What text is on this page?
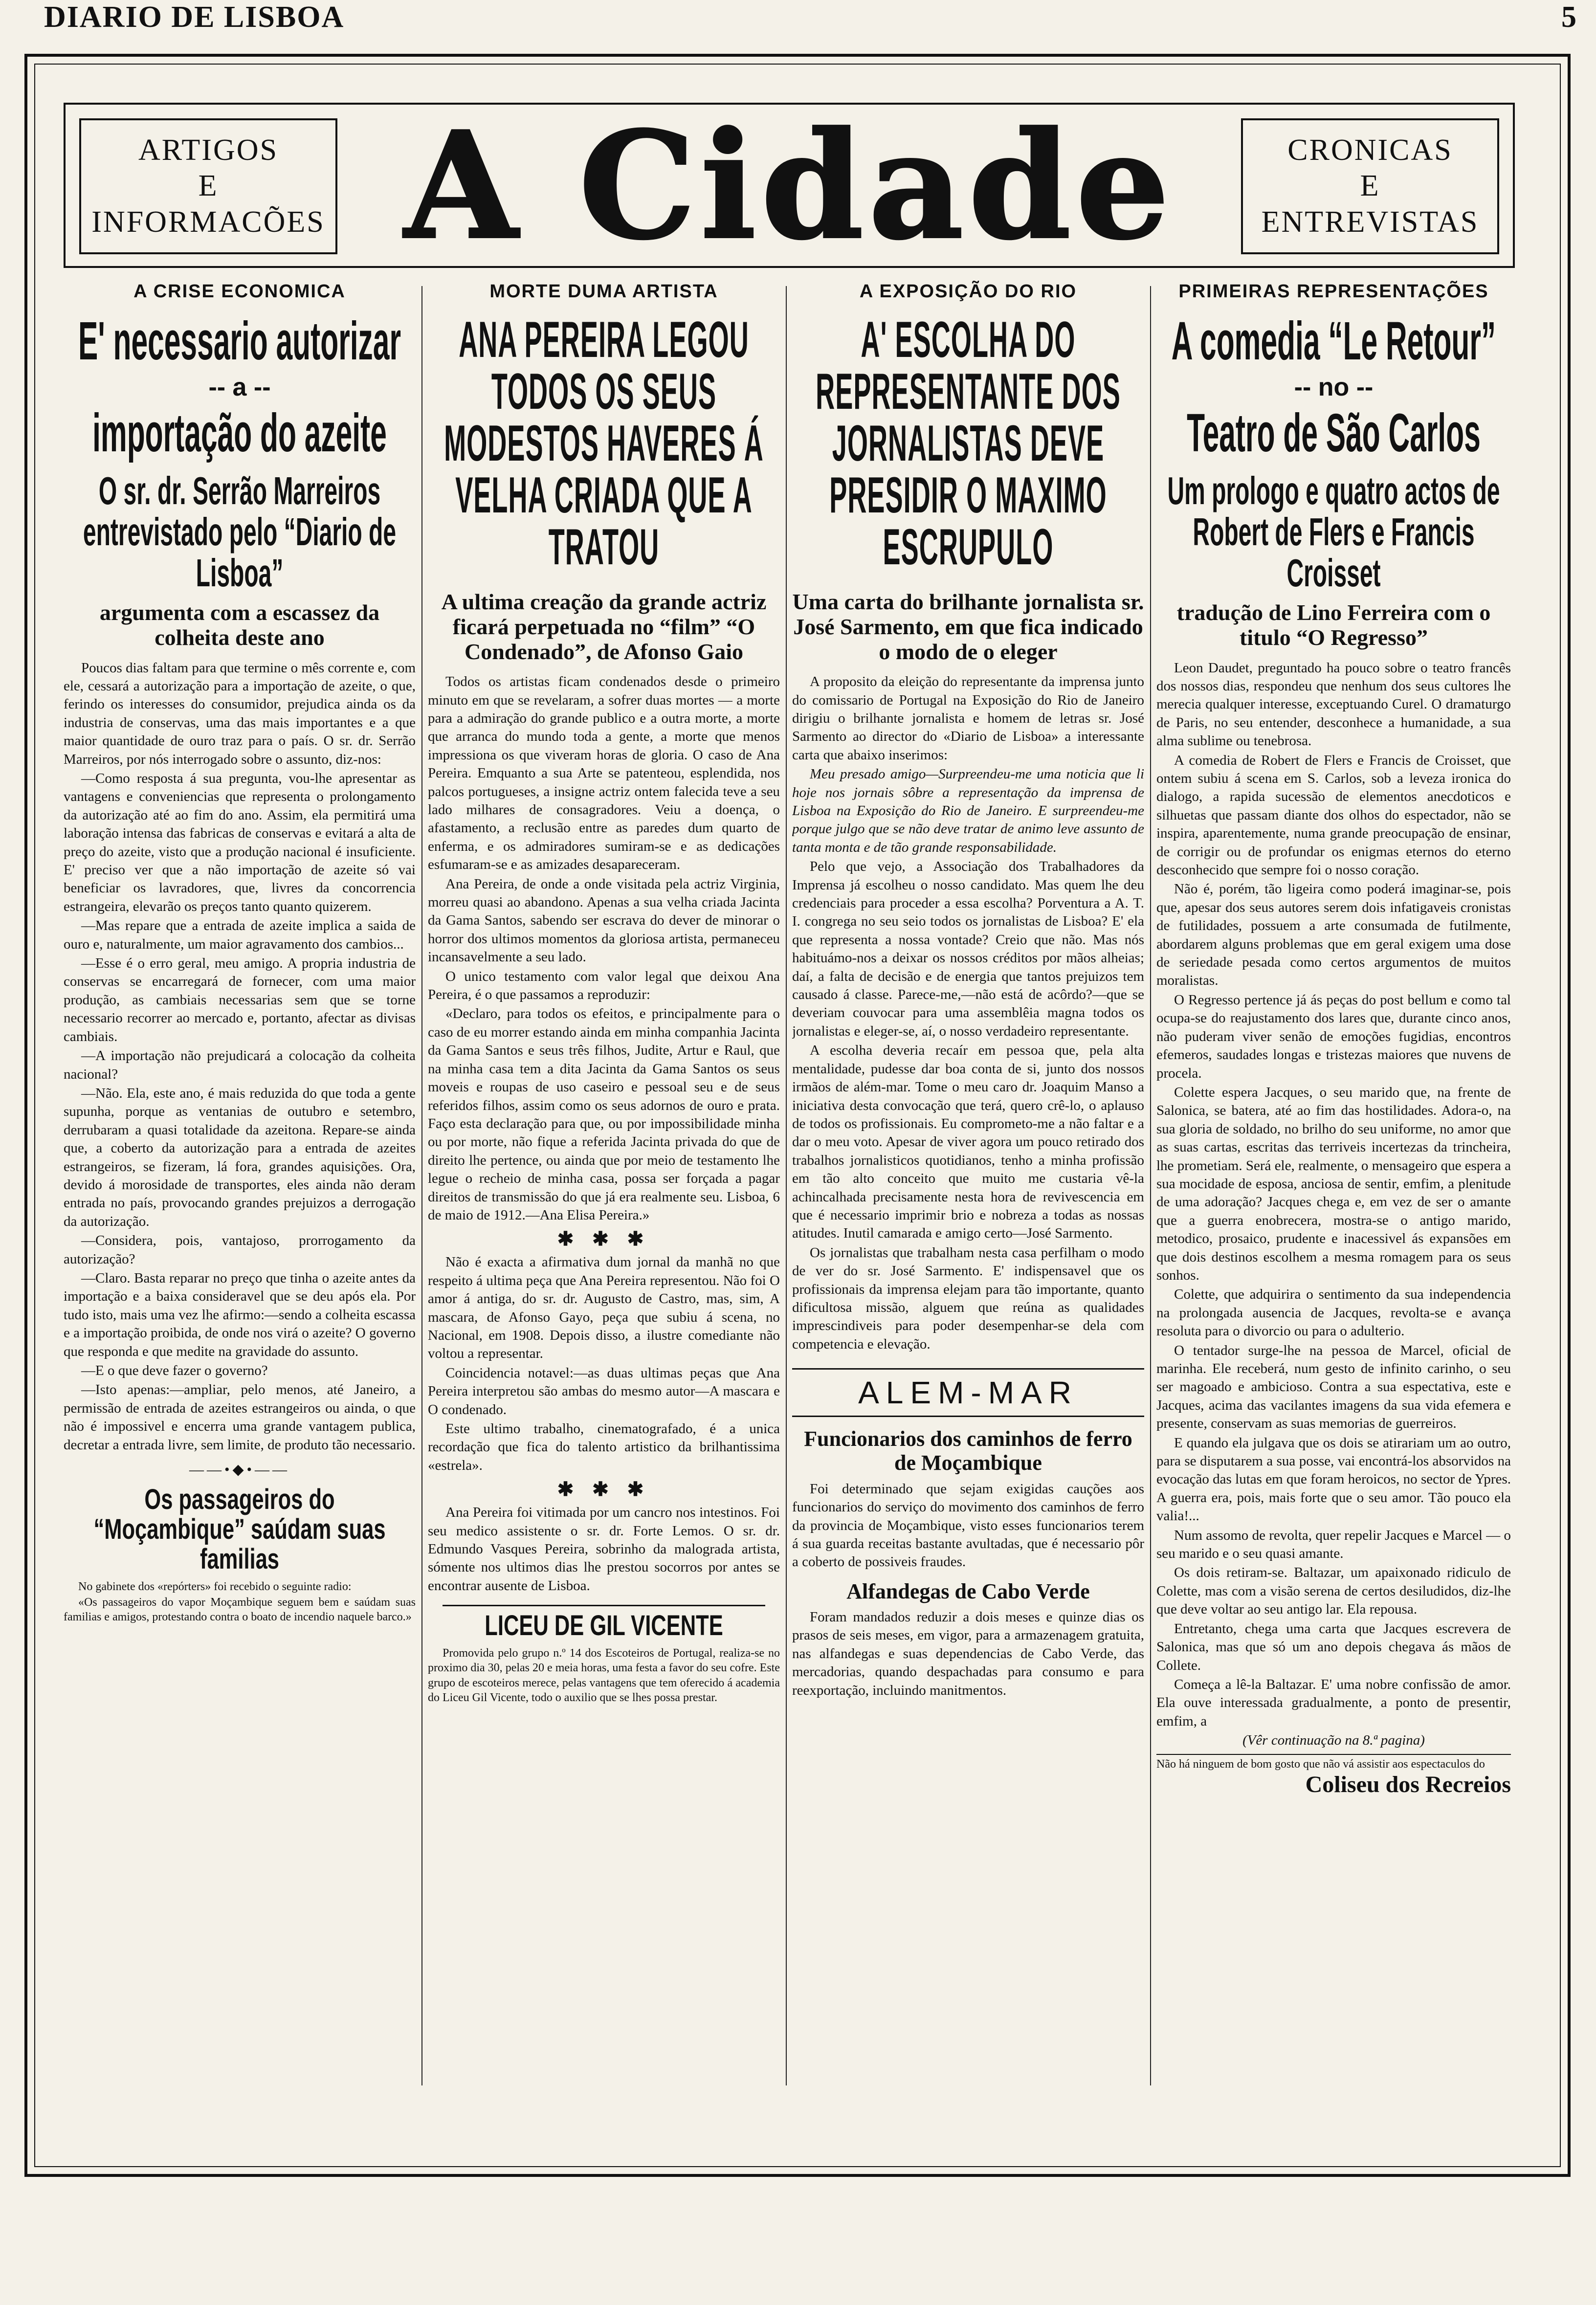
DIARIO DE LISBOA	5
ARTIGOS
E
INFORMACÕES A Cidade	CRONICAS
E
ENTREVISTAS
A CRISE ECONOMICA
E' necessario autorizar
-- a --
importação do azeite
O sr. dr. Serrão Marreiros entrevistado pelo “Diario de Lisboa”
argumenta com a escassez da colheita deste ano

Poucos dias faltam para que termine o mês corrente e, com ele, cessará a autorização para a importação de azeite, o que, ferindo os interesses do consumidor, prejudica ainda os da industria de conservas, uma das mais importantes e a que maior quantidade de ouro traz para o país. O sr. dr. Serrão Marreiros, por nós interrogado sobre o assunto, diz-nos:

—Como resposta á sua pregunta, vou-lhe apresentar as vantagens e conveniencias que representa o prolongamento da autorização até ao fim do ano. Assim, ela permitirá uma laboração intensa das fabricas de conservas e evitará a alta de preço do azeite, visto que a produção nacional é insuficiente. E' preciso ver que a não importação de azeite só vai beneficiar os lavradores, que, livres da concorrencia estrangeira, elevarão os preços tanto quanto quizerem.

—Mas repare que a entrada de azeite implica a saida de ouro e, naturalmente, um maior agravamento dos cambios...

—Esse é o erro geral, meu amigo. A propria industria de conservas se encarregará de fornecer, com uma maior produção, as cambiais necessarias sem que se torne necessario recorrer ao mercado e, portanto, afectar as divisas cambiais.

—A importação não prejudicará a colocação da colheita nacional?

—Não. Ela, este ano, é mais reduzida do que toda a gente supunha, porque as ventanias de outubro e setembro, derrubaram a quasi totalidade da azeitona. Repare-se ainda que, a coberto da autorização para a entrada de azeites estrangeiros, se fizeram, lá fora, grandes aquisições. Ora, devido á morosidade de transportes, eles ainda não deram entrada no país, provocando grandes prejuizos a derrogação da autorização.

—Considera, pois, vantajoso, prorrogamento da autorização?

—Claro. Basta reparar no preço que tinha o azeite antes da importação e a baixa consideravel que se deu após ela. Por tudo isto, mais uma vez lhe afirmo:—sendo a colheita escassa e a importação proibida, de onde nos virá o azeite? O governo que responda e que medite na gravidade do assunto.

—E o que deve fazer o governo?

—Isto apenas:—ampliar, pelo menos, até Janeiro, a permissão de entrada de azeites estrangeiros ou ainda, o que não é impossivel e encerra uma grande vantagem publica, decretar a entrada livre, sem limite, de produto tão necessario.

——•◆•——
Os passageiros do “Moçambique” saúdam suas familias

No gabinete dos «repórters» foi recebido o seguinte radio:

«Os passageiros do vapor Moçambique seguem bem e saúdam suas familias e amigos, protestando contra o boato de incendio naquele barco.»

MORTE DUMA ARTISTA
ANA PEREIRA LEGOU TODOS OS SEUS MODESTOS HAVERES Á VELHA CRIADA QUE A TRATOU
A ultima creação da grande actriz ficará perpetuada no “film” “O Condenado”, de Afonso Gaio

Todos os artistas ficam condenados desde o primeiro minuto em que se revelaram, a sofrer duas mortes — a morte para a admiração do grande publico e a outra morte, a morte que arranca do mundo toda a gente, a morte que menos impressiona os que viveram horas de gloria. O caso de Ana Pereira. Emquanto a sua Arte se patenteou, esplendida, nos palcos portugueses, a insigne actriz ontem falecida teve a seu lado milhares de consagradores. Veiu a doença, o afastamento, a reclusão entre as paredes dum quarto de enferma, e os admiradores sumiram-se e as dedicações esfumaram-se e as amizades desapareceram.

Ana Pereira, de onde a onde visitada pela actriz Virginia, morreu quasi ao abandono. Apenas a sua velha criada Jacinta da Gama Santos, sabendo ser escrava do dever de minorar o horror dos ultimos momentos da gloriosa artista, permaneceu incansavelmente a seu lado.

O unico testamento com valor legal que deixou Ana Pereira, é o que passamos a reproduzir:

«Declaro, para todos os efeitos, e principalmente para o caso de eu morrer estando ainda em minha companhia Jacinta da Gama Santos e seus três filhos, Judite, Artur e Raul, que na minha casa tem a dita Jacinta da Gama Santos os seus moveis e roupas de uso caseiro e pessoal seu e de seus referidos filhos, assim como os seus adornos de ouro e prata. Faço esta declaração para que, ou por impossibilidade minha ou por morte, não fique a referida Jacinta privada do que de direito lhe pertence, ou ainda que por meio de testamento lhe legue o recheio de minha casa, possa ser forçada a pagar direitos de transmissão do que já era realmente seu. Lisboa, 6 de maio de 1912.—Ana Elisa Pereira.»

✱ ✱ ✱

Não é exacta a afirmativa dum jornal da manhã no que respeito á ultima peça que Ana Pereira representou. Não foi O amor á antiga, do sr. dr. Augusto de Castro, mas, sim, A mascara, de Afonso Gayo, peça que subiu á scena, no Nacional, em 1908. Depois disso, a ilustre comediante não voltou a representar.

Coincidencia notavel:—as duas ultimas peças que Ana Pereira interpretou são ambas do mesmo autor—A mascara e O condenado.

Este ultimo trabalho, cinematografado, é a unica recordação que fica do talento artistico da brilhantissima «estrela».

✱ ✱ ✱

Ana Pereira foi vitimada por um cancro nos intestinos. Foi seu medico assistente o sr. dr. Forte Lemos. O sr. dr. Edmundo Vasques Pereira, sobrinho da malograda artista, sómente nos ultimos dias lhe prestou socorros por antes se encontrar ausente de Lisboa.

LICEU DE GIL VICENTE

Promovida pelo grupo n.º 14 dos Escoteiros de Portugal, realiza-se no proximo dia 30, pelas 20 e meia horas, uma festa a favor do seu cofre. Este grupo de escoteiros merece, pelas vantagens que tem oferecido á academia do Liceu Gil Vicente, todo o auxilio que se lhes possa prestar.

A EXPOSIÇÃO DO RIO
A' ESCOLHA DO REPRESENTANTE DOS JORNALISTAS DEVE PRESIDIR O MAXIMO ESCRUPULO
Uma carta do brilhante jornalista sr. José Sarmento, em que fica indicado o modo de o eleger

A proposito da eleição do representante da imprensa junto do comissario de Portugal na Exposição do Rio de Janeiro dirigiu o brilhante jornalista e homem de letras sr. José Sarmento ao director do «Diario de Lisboa» a interessante carta que abaixo inserimos:

Meu presado amigo—Surpreendeu-me uma noticia que li hoje nos jornais sôbre a representação da imprensa de Lisboa na Exposição do Rio de Janeiro. E surpreendeu-me porque julgo que se não deve tratar de animo leve assunto de tanta monta e de tão grande responsabilidade.

Pelo que vejo, a Associação dos Trabalhadores da Imprensa já escolheu o nosso candidato. Mas quem lhe deu credenciais para proceder a essa escolha? Porventura a A. T. I. congrega no seu seio todos os jornalistas de Lisboa? E' ela que representa a nossa vontade? Creio que não. Mas nós habituámo-nos a deixar os nossos créditos por mãos alheias; daí, a falta de decisão e de energia que tantos prejuizos tem causado á classe. Parece-me,—não está de acôrdo?—que se deveriam couvocar para uma assemblêia magna todos os jornalistas e eleger-se, aí, o nosso verdadeiro representante.

A escolha deveria recaír em pessoa que, pela alta mentalidade, pudesse dar boa conta de si, junto dos nossos irmãos de além-mar. Tome o meu caro dr. Joaquim Manso a iniciativa desta convocação que terá, quero crê-lo, o aplauso de todos os profissionais. Eu comprometo-me a não faltar e a dar o meu voto. Apesar de viver agora um pouco retirado dos trabalhos jornalisticos quotidianos, tenho a minha profissão em tão alto conceito que muito me custaria vê-la achincalhada precisamente nesta hora de revivescencia em que é necessario imprimir brio e nobreza a todas as nossas atitudes. Inutil camarada e amigo certo—José Sarmento.

Os jornalistas que trabalham nesta casa perfilham o modo de ver do sr. José Sarmento. E' indispensavel que os profissionais da imprensa elejam para tão importante, quanto dificultosa missão, alguem que reúna as qualidades imprescindiveis para poder desempenhar-se dela com competencia e elevação.

ALEM-MAR
Funcionarios dos caminhos de ferro de Moçambique

Foi determinado que sejam exigidas cauções aos funcionarios do serviço do movimento dos caminhos de ferro da provincia de Moçambique, visto esses funcionarios terem á sua guarda receitas bastante avultadas, que é necessario pôr a coberto de possiveis fraudes.

Alfandegas de Cabo Verde

Foram mandados reduzir a dois meses e quinze dias os prasos de seis meses, em vigor, para a armazenagem gratuita, nas alfandegas e suas dependencias de Cabo Verde, das mercadorias, quando despachadas para consumo e para reexportação, incluindo manitmentos.

PRIMEIRAS REPRESENTAÇÕES
A comedia “Le Retour”
-- no --
Teatro de São Carlos
Um prologo e quatro actos de Robert de Flers e Francis Croisset
tradução de Lino Ferreira com o titulo “O Regresso”

Leon Daudet, preguntado ha pouco sobre o teatro francês dos nossos dias, respondeu que nenhum dos seus cultores lhe merecia qualquer interesse, exceptuando Curel. O dramaturgo de Paris, no seu entender, desconhece a humanidade, a sua alma sublime ou tenebrosa.

A comedia de Robert de Flers e Francis de Croisset, que ontem subiu á scena em S. Carlos, sob a leveza ironica do dialogo, a rapida sucessão de elementos anecdoticos e silhuetas que passam diante dos olhos do espectador, não se inspira, aparentemente, numa grande preocupação de ensinar, de corrigir ou de profundar os enigmas eternos do eterno desconhecido que sempre foi o nosso coração.

Não é, porém, tão ligeira como poderá imaginar-se, pois que, apesar dos seus autores serem dois infatigaveis cronistas de futilidades, possuem a arte consumada de futilmente, abordarem alguns problemas que em geral exigem uma dose de seriedade pesada como certos argumentos de muitos moralistas.

O Regresso pertence já ás peças do post bellum e como tal ocupa-se do reajustamento dos lares que, durante cinco anos, não puderam viver senão de emoções fugidias, encontros efemeros, saudades longas e tristezas maiores que nuvens de procela.

Colette espera Jacques, o seu marido que, na frente de Salonica, se batera, até ao fim das hostilidades. Adora-o, na sua gloria de soldado, no brilho do seu uniforme, no amor que as suas cartas, escritas das terriveis incertezas da trincheira, lhe prometiam. Será ele, realmente, o mensageiro que espera a sua mocidade de esposa, anciosa de sentir, emfim, a plenitude de uma adoração? Jacques chega e, em vez de ser o amante que a guerra enobrecera, mostra-se o antigo marido, metodico, prosaico, prudente e inacessivel ás expansões em que dois destinos escolhem a mesma romagem para os seus sonhos.

Colette, que adquirira o sentimento da sua independencia na prolongada ausencia de Jacques, revolta-se e avança resoluta para o divorcio ou para o adulterio.

O tentador surge-lhe na pessoa de Marcel, oficial de marinha. Ele receberá, num gesto de infinito carinho, o seu ser magoado e ambicioso. Contra a sua espectativa, este e Jacques, acima das vacilantes imagens da sua vida efemera e presente, conservam as suas memorias de guerreiros.

E quando ela julgava que os dois se atirariam um ao outro, para se disputarem a sua posse, vai encontrá-los absorvidos na evocação das lutas em que foram heroicos, no sector de Ypres. A guerra era, pois, mais forte que o seu amor. Tão pouco ela valia!...

Num assomo de revolta, quer repelir Jacques e Marcel — o seu marido e o seu quasi amante.

Os dois retiram-se. Baltazar, um apaixonado ridiculo de Colette, mas com a visão serena de certos desiludidos, diz-lhe que deve voltar ao seu antigo lar. Ela repousa.

Entretanto, chega uma carta que Jacques escrevera de Salonica, mas que só um ano depois chegava ás mãos de Collete.

Começa a lê-la Baltazar. E' uma nobre confissão de amor. Ela ouve interessada gradualmente, a ponto de presentir, emfim, a

(Vêr continuação na 8.ª pagina)

Não há ninguem de bom gosto que não vá assistir aos espectaculos do
Coliseu dos Recreios
